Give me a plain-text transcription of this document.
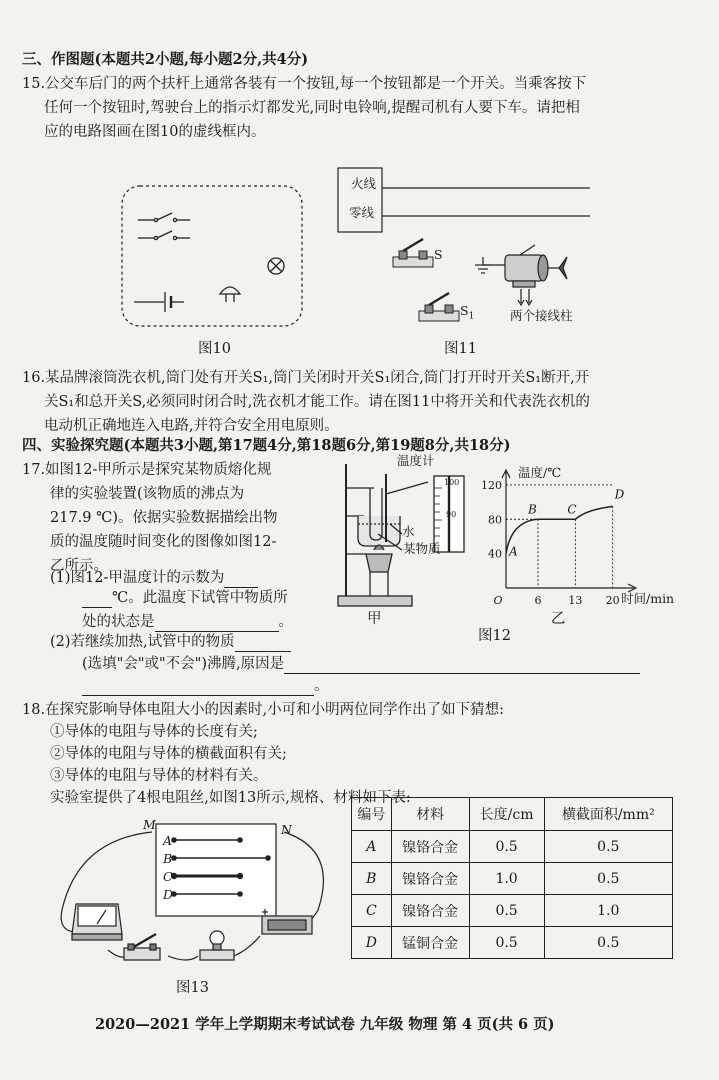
三、作图题(本题共2小题,每小题2分,共4分)
15.公交车后门的两个扶杆上通常各装有一个按钮,每一个按钮都是一个开关。当乘客按下
任何一个按钮时,驾驶台上的指示灯都发光,同时电铃响,提醒司机有人要下车。请把相
应的电路图画在图10的虚线框内。
图10
火线
零线
S
$S_1$	两个接线柱
图11
16.某品牌滚筒洗衣机,筒门处有开关S₁,筒门关闭时开关S₁闭合,筒门打开时开关S₁断开,开
关S₁和总开关S,必须同时闭合时,洗衣机才能工作。请在图11中将开关和代表洗衣机的
电动机正确地连入电路,并符合安全用电原则。
四、实验探究题(本题共3小题,第17题4分,第18题6分,第19题8分,共18分)
17.如图12-甲所示是探究某物质熔化规
律的实验装置(该物质的沸点为
217.9 ℃)。依据实验数据描绘出物
质的温度随时间变化的图像如图12-
乙所示。
(1)图12-甲温度计的示数为
℃。此温度下试管中物质所
处的状态是	。
(2)若继续加热,试管中的物质
(选填"会"或"不会")沸腾,原因是
。
温度计
100
90
水
某物质
甲
A
B	C
D
6 13 20
40
80
120
O
温度/℃
时间/min
乙
图12
18.在探究影响导体电阻大小的因素时,小可和小明两位同学作出了如下猜想:
①导体的电阻与导体的长度有关;
②导体的电阻与导体的横截面积有关;
③导体的电阻与导体的材料有关。
实验室提供了4根电阻丝,如图13所示,规格、材料如下表:
M	N
A
B
C
D
图13
编号	材料	长度/cm	横截面积/mm²
A	镍铬合金	0.5	0.5
B	镍铬合金	1.0	0.5
C	镍铬合金	0.5	1.0
D	锰铜合金	0.5	0.5
2020—2021 学年上学期期末考试试卷 九年级 物理 第 4 页(共 6 页)
